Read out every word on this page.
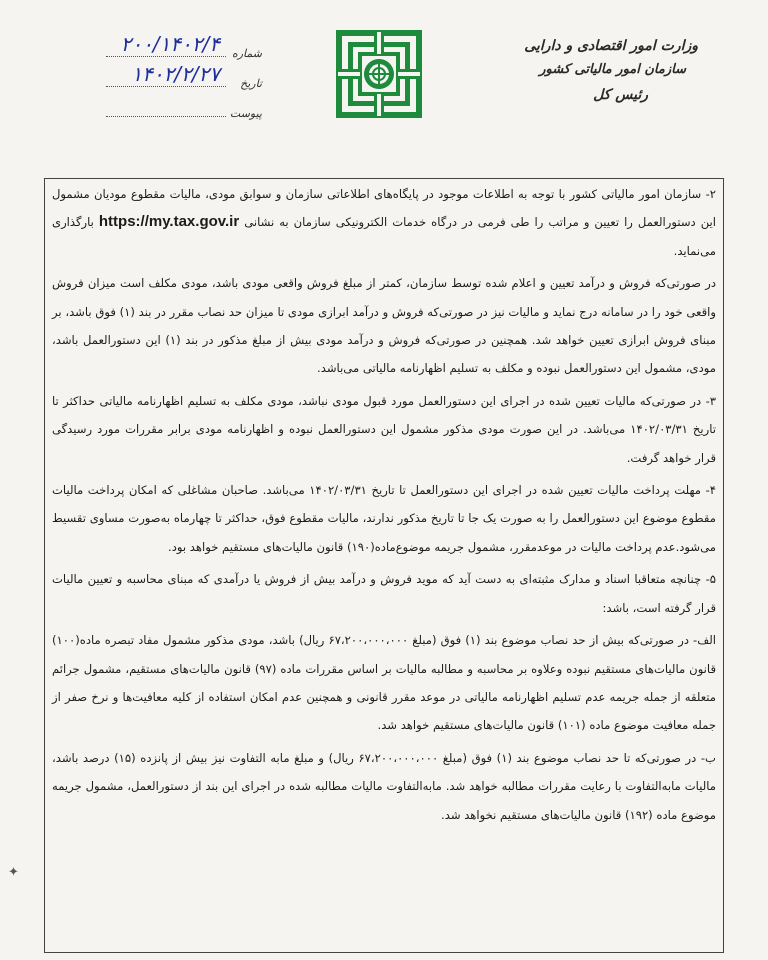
وزارت امور اقتصادی و دارایی
سازمان امور مالیاتی کشور
رئیس کل
شماره
۲۰۰/۱۴۰۲/۴
تاریخ
۱۴۰۲/۲/۲۷
پیوست

۲- سازمان امور مالیاتی کشور با توجه به اطلاعات موجود در پایگاه‌های اطلاعاتی سازمان و سوابق مودی، مالیات مقطوع مودیان مشمول این دستورالعمل را تعیین و مراتب را طی فرمی در درگاه خدمات الکترونیکی سازمان به نشانی https://my.tax.gov.ir بارگذاری می‌نماید.

در صورتی‌که فروش و درآمد تعیین و اعلام شده توسط سازمان، کمتر از مبلغ فروش واقعی مودی باشد، مودی مکلف است میزان فروش واقعی خود را در سامانه درج نماید و مالیات نیز در صورتی‌که فروش و درآمد ابرازی مودی تا میزان حد نصاب مقرر در بند (۱) فوق باشد، بر مبنای فروش ابرازی تعیین خواهد شد. همچنین در صورتی‌که فروش و درآمد مودی بیش از مبلغ مذکور در بند (۱) این دستورالعمل باشد، مودی، مشمول این دستورالعمل نبوده و مکلف به تسلیم اظهارنامه مالیاتی می‌باشد.

۳- در صورتی‌که مالیات تعیین شده در اجرای این دستورالعمل مورد قبول مودی نباشد، مودی مکلف به تسلیم اظهارنامه مالیاتی حداکثر تا تاریخ ۱۴۰۲/۰۳/۳۱ می‌باشد. در این صورت مودی مذکور مشمول این دستورالعمل نبوده و اظهارنامه مودی برابر مقررات مورد رسیدگی قرار خواهد گرفت.

۴- مهلت پرداخت مالیات تعیین شده در اجرای این دستورالعمل تا تاریخ ۱۴۰۲/۰۳/۳۱ می‌باشد. صاحبان مشاغلی که امکان پرداخت مالیات مقطوع موضوع این دستورالعمل را به صورت یک جا تا تاریخ مذکور ندارند، مالیات مقطوع فوق، حداکثر تا چهارماه به‌صورت مساوی تقسیط می‌شود.عدم پرداخت مالیات در موعدمقرر، مشمول جریمه موضوع‌ماده(۱۹۰) قانون مالیات‌های مستقیم خواهد بود.

۵- چنانچه متعاقبا اسناد و مدارک مثبته‌ای به دست آید که موید فروش و درآمد بیش از فروش یا درآمدی که مبنای محاسبه و تعیین مالیات قرار گرفته است، باشد:

الف- در صورتی‌که بیش از حد نصاب موضوع بند (۱) فوق (مبلغ ۶۷،۲۰۰،۰۰۰،۰۰۰ ریال) باشد، مودی مذکور مشمول مفاد تبصره ماده(۱۰۰) قانون مالیات‌های مستقیم نبوده وعلاوه بر محاسبه و مطالبه مالیات بر اساس مقررات ماده (۹۷) قانون مالیات‌های مستقیم، مشمول جرائم متعلقه از جمله جریمه عدم تسلیم اظهارنامه مالیاتی در موعد مقرر قانونی و همچنین عدم امکان استفاده از کلیه معافیت‌ها و نرخ صفر از جمله معافیت موضوع ماده (۱۰۱) قانون مالیات‌های مستقیم خواهد شد.

ب- در صورتی‌که تا حد نصاب موضوع بند (۱) فوق (مبلغ ۶۷،۲۰۰،۰۰۰،۰۰۰ ریال) و مبلغ مابه التفاوت نیز بیش از پانزده (۱۵) درصد باشد، مالیات مابه‌التفاوت با رعایت مقررات مطالبه خواهد شد. مابه‌التفاوت مالیات مطالبه شده در اجرای این بند از دستورالعمل، مشمول جریمه موضوع ماده (۱۹۲) قانون مالیات‌های مستقیم نخواهد شد.

✦
